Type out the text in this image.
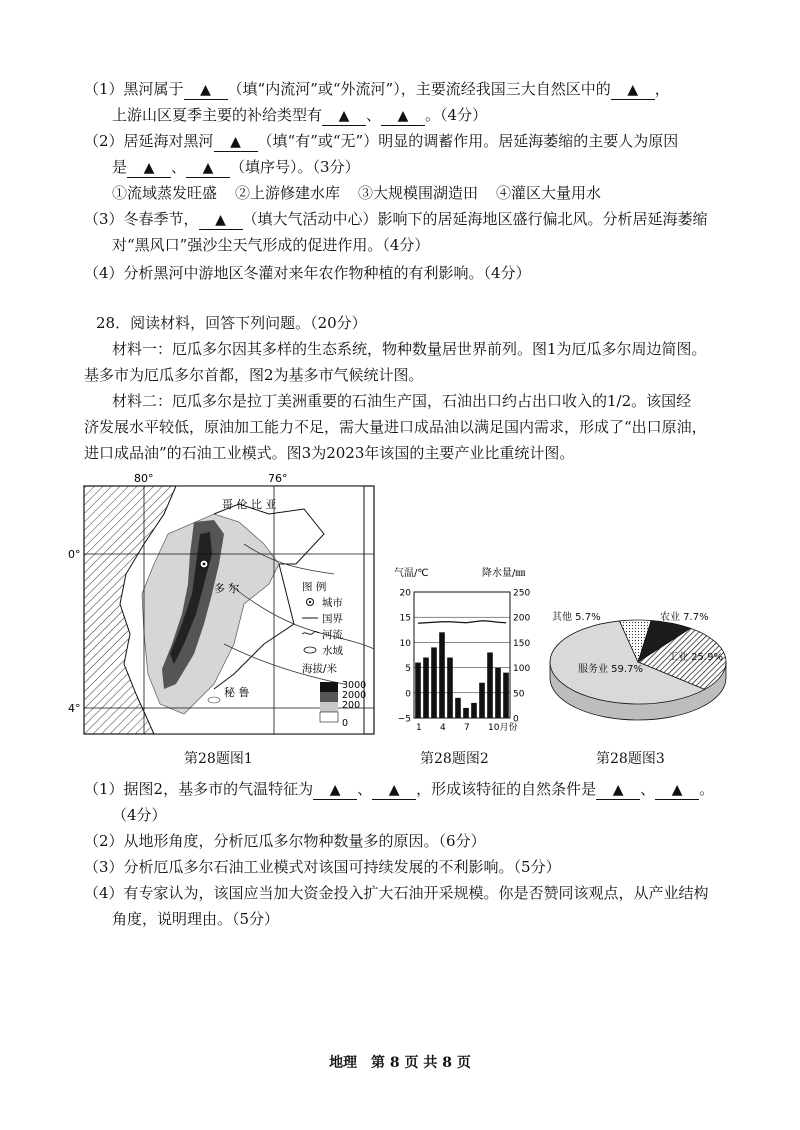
（1）黑河属于 ▲ （填“内流河”或“外流河”），主要流经我国三大自然区中的 ▲ ，
上游山区夏季主要的补给类型有 ▲ 、 ▲ 。（4分）
（2）居延海对黑河 ▲ （填“有”或“无”）明显的调蓄作用。居延海萎缩的主要人为原因
是 ▲ 、 ▲ （填序号）。（3分）
①流域蒸发旺盛 ②上游修建水库 ③大规模围湖造田 ④灌区大量用水
（3）冬春季节， ▲ （填大气活动中心）影响下的居延海地区盛行偏北风。分析居延海萎缩
对“黑风口”强沙尘天气形成的促进作用。（4分）
（4）分析黑河中游地区冬灌对来年农作物种植的有利影响。（4分）
28．阅读材料，回答下列问题。（20分）
材料一：厄瓜多尔因其多样的生态系统，物种数量居世界前列。图1为厄瓜多尔周边简图。
基多市为厄瓜多尔首都，图2为基多市气候统计图。
材料二：厄瓜多尔是拉丁美洲重要的石油生产国，石油出口约占出口收入的1/2。该国经
济发展水平较低，原油加工能力不足，需大量进口成品油以满足国内需求，形成了“出口原油，
进口成品油”的石油工业模式。图3为2023年该国的主要产业比重统计图。
80°	76°
0°
4°
哥 伦 比 亚
多 尔
秘 鲁
图 例
城市
国界
河流
水域
海拔/米
3000
2000
200
0
第28题图1
气温/℃	降水量/㎜
20
15
10
5
0
−5
250
200
150
100
50
0
1 4 7 10月份
第28题图2
农业 7.7%
工业 25.9%
服务业 59.7%
其他 5.7%
第28题图3
（1）据图2，基多市的气温特征为 ▲ 、 ▲ ，形成该特征的自然条件是 ▲ 、 ▲ 。
（4分）
（2）从地形角度，分析厄瓜多尔物种数量多的原因。（6分）
（3）分析厄瓜多尔石油工业模式对该国可持续发展的不利影响。（5分）
（4）有专家认为，该国应当加大资金投入扩大石油开采规模。你是否赞同该观点，从产业结构
角度，说明理由。（5分）
地理　第 8 页 共 8 页
